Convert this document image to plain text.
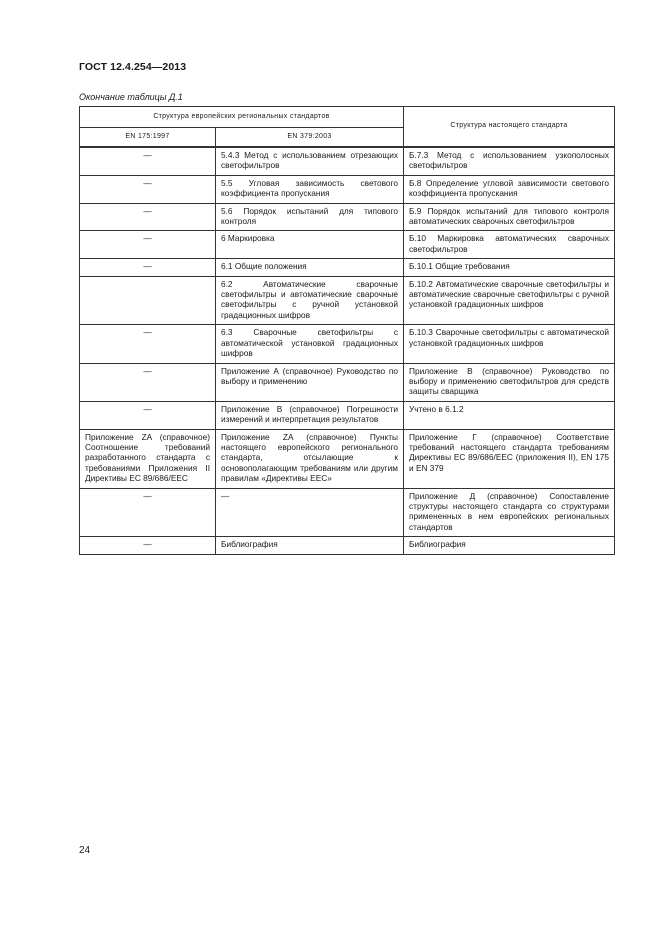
ГОСТ 12.4.254—2013
Окончание таблицы Д.1
Структура европейских региональных стандартов		Структура настоящего стандарта
EN 175:1997	EN 379:2003	
—	5.4.3 Метод с использованием отрезающих светофильтров	Б.7.3 Метод с использованием узкополосных светофильтров
—	5.5 Угловая зависимость светового коэффициента пропускания	Б.8 Определение угловой зависимости светового коэффициента пропускания
—	5.6 Порядок испытаний для типового контроля	Б.9 Порядок испытаний для типового контроля автоматических сварочных светофильтров
—	6 Маркировка	Б.10 Маркировка автоматических сварочных светофильтров
—	6.1 Общие положения	Б.10.1 Общие требования
	6.2 Автоматические сварочные светофильтры и автоматические сварочные светофильтры с ручной установкой градационных шифров	Б.10.2 Автоматические сварочные светофильтры и автоматические сварочные светофильтры с ручной установкой градационных шифров
—	6.3 Сварочные светофильтры с автоматической установкой градационных шифров	Б.10.3 Сварочные светофильтры с автоматической установкой градационных шифров
—	Приложение А (справочное) Руководство по выбору и применению	Приложение В (справочное) Руководство по выбору и применению светофильтров для средств защиты сварщика
—	Приложение В (справочное) Погрешности измерений и интерпретация результатов	Учтено в 6.1.2
Приложение ZA (справочное) Соотношение требований разработанного стандарта с требованиями Приложения II Директивы ЕС 89/686/ЕЕС	Приложение ZA (справочное) Пункты настоящего европейского регионального стандарта, отсылающие к основополагающим требованиям или другим правилам «Директивы ЕЕС»	Приложение Г (справочное) Соответствие требований настоящего стандарта требованиям Директивы ЕС 89/686/ЕЕС (приложения II), EN 175 и EN 379
—	—	Приложение Д (справочное) Сопоставление структуры настоящего стандарта со структурами примененных в нем европейских региональных стандартов
—	Библиография	Библиография
24
